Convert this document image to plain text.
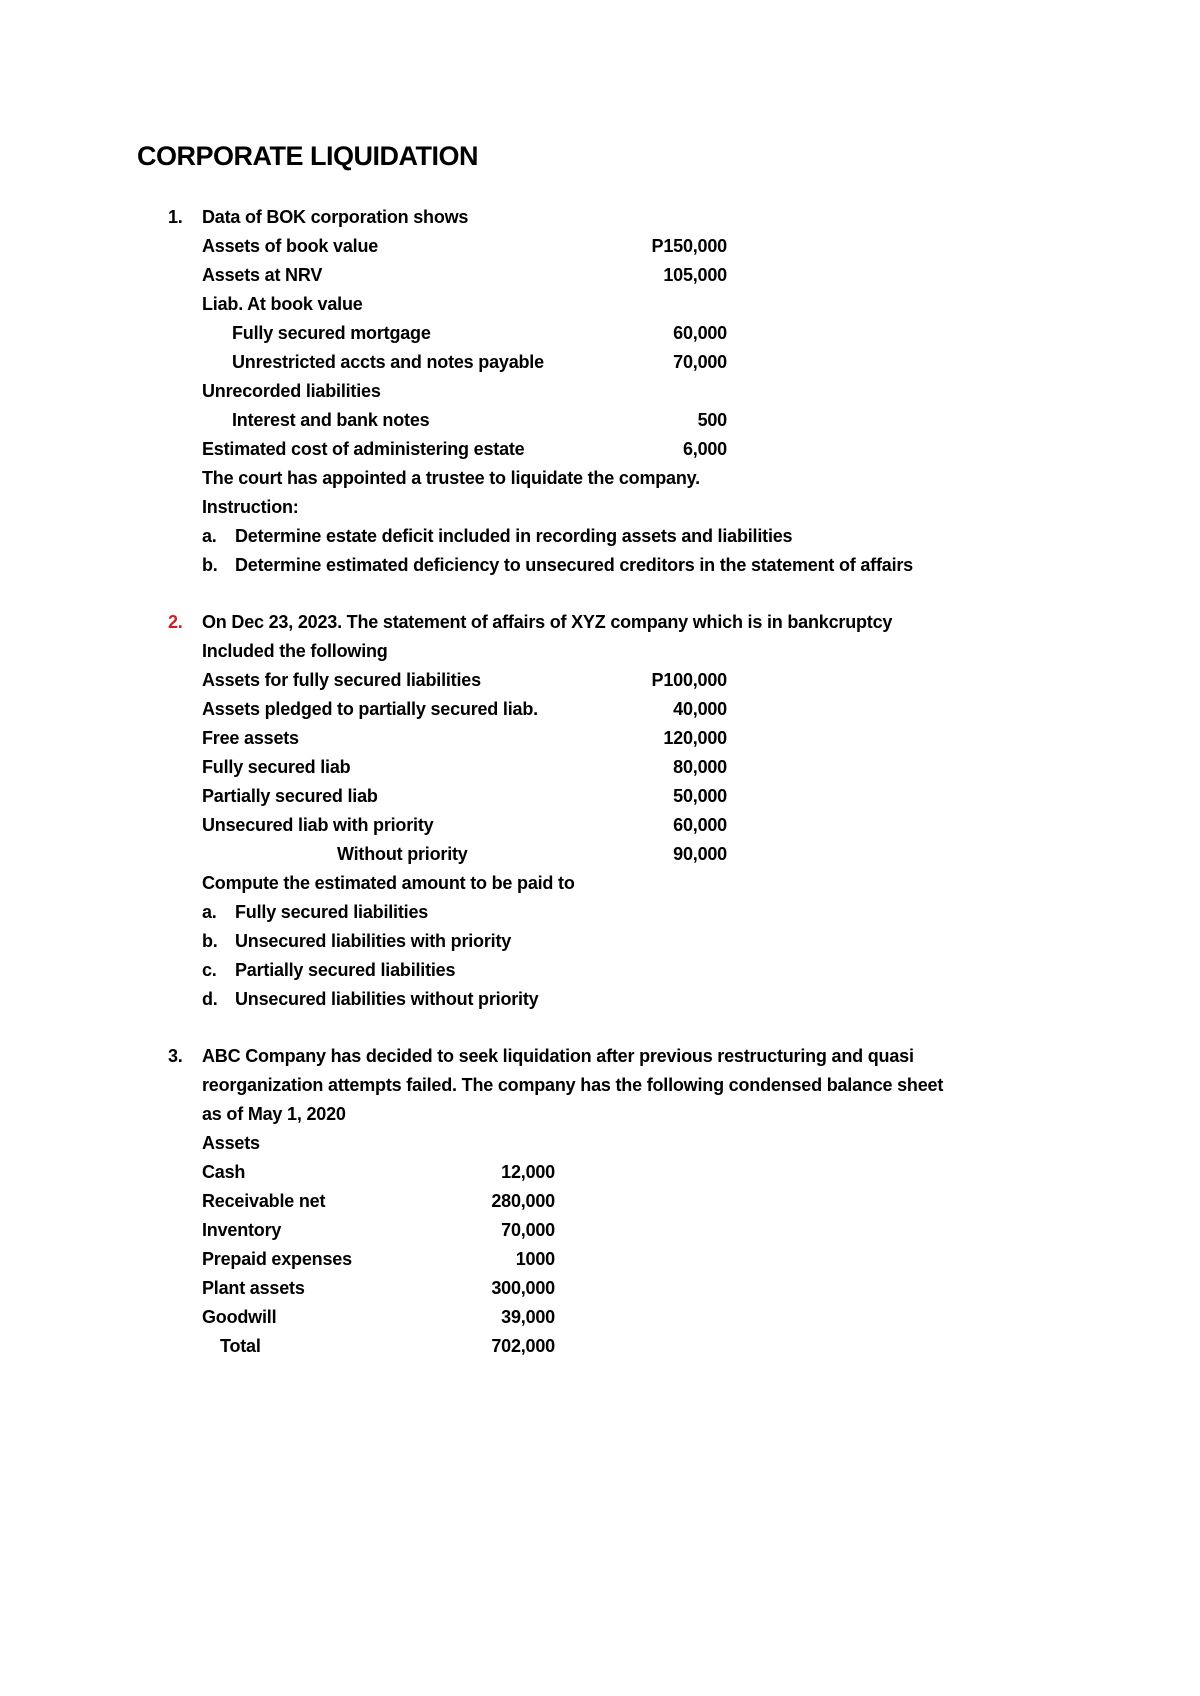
CORPORATE LIQUIDATION
1.	Data of BOK corporation shows
Assets of book value	P150,000
Assets at NRV	105,000
Liab. At book value
Fully secured mortgage	60,000
Unrestricted accts and notes payable	70,000
Unrecorded liabilities
Interest and bank notes	500
Estimated cost of administering estate	6,000
The court has appointed a trustee to liquidate the company.
Instruction:
a. Determine estate deficit included in recording assets and liabilities
b. Determine estimated deficiency to unsecured creditors in the statement of affairs
2.	On Dec 23, 2023. The statement of affairs of XYZ company which is in bankcruptcy
Included the following
Assets for fully secured liabilities	P100,000
Assets pledged to partially secured liab.	40,000
Free assets	120,000
Fully secured liab	80,000
Partially secured liab	50,000
Unsecured liab with priority	60,000
Without priority	90,000
Compute the estimated amount to be paid to
a. Fully secured liabilities
b. Unsecured liabilities with priority
c. Partially secured liabilities
d. Unsecured liabilities without priority
3.	ABC Company has decided to seek liquidation after previous restructuring and quasi
reorganization attempts failed. The company has the following condensed balance sheet
as of May 1, 2020
Assets
Cash	12,000
Receivable net	280,000
Inventory	70,000
Prepaid expenses	1000
Plant assets	300,000
Goodwill	39,000
Total	702,000
